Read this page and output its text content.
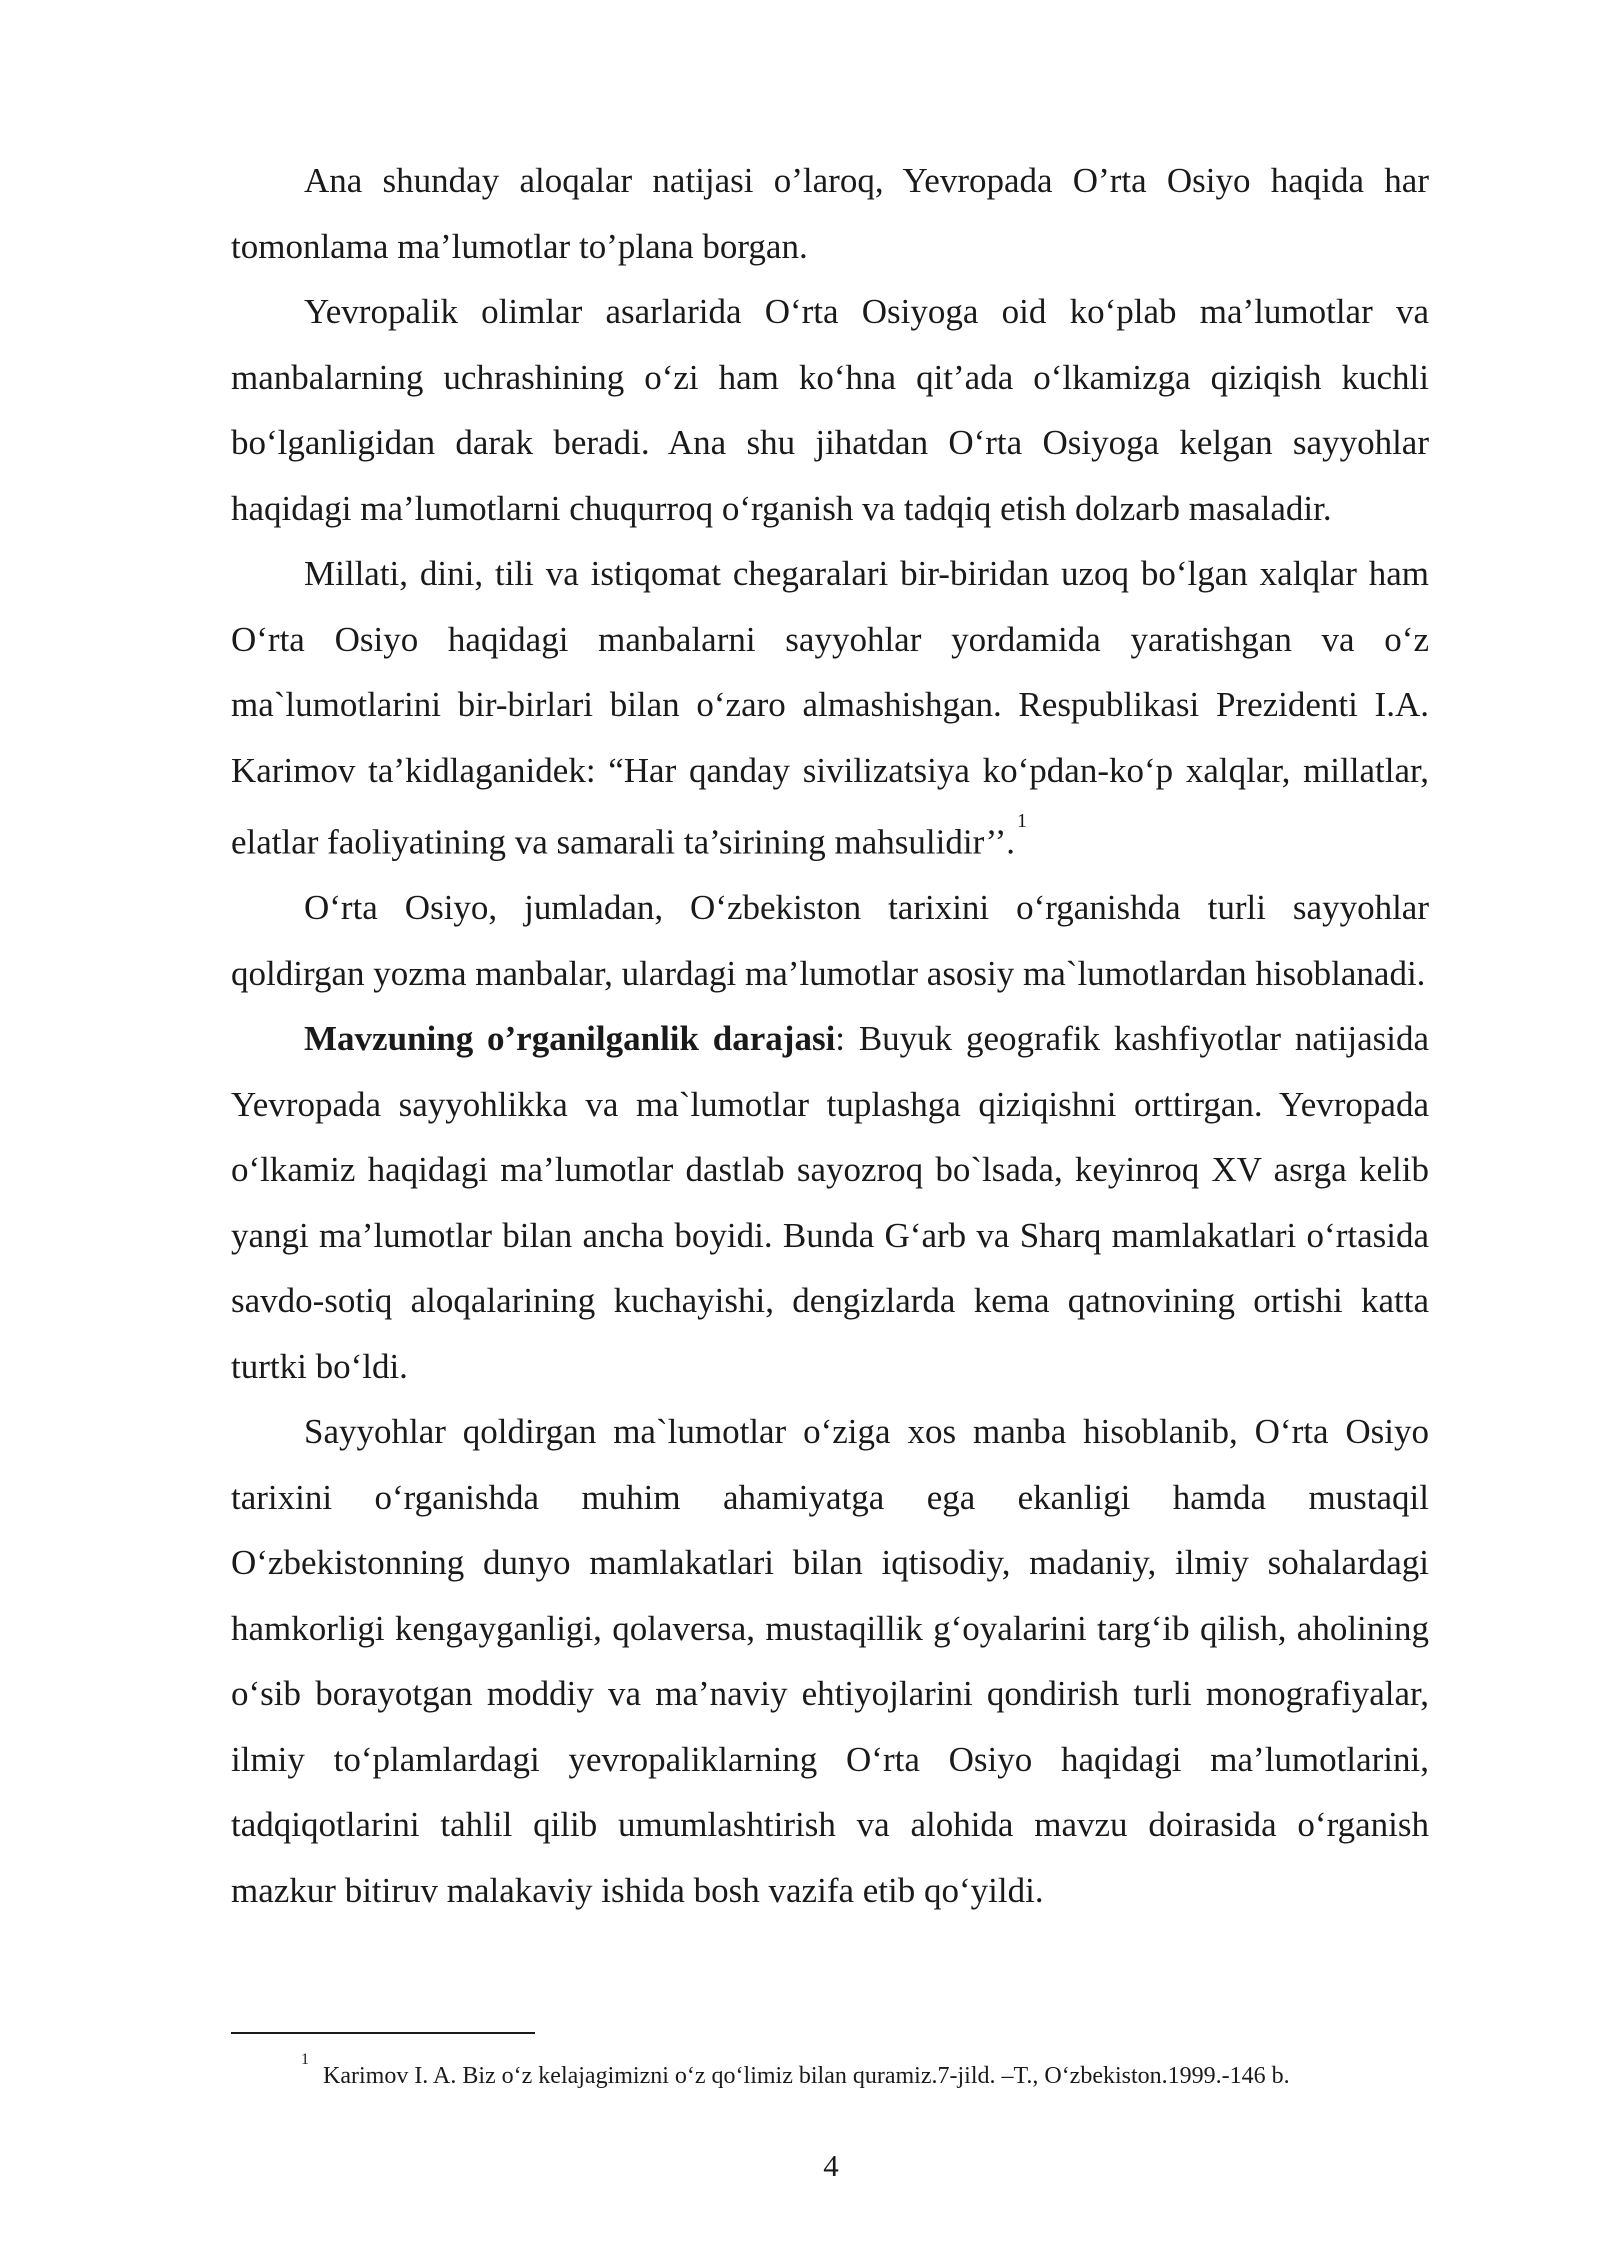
Ana shunday aloqalar natijasi o’laroq, Yevropada O’rta Osiyo haqida har tomonlama ma’lumotlar to’plana borgan.

Yevropalik olimlar asarlarida O‘rta Osiyoga oid ko‘plab ma’lumotlar va manbalarning uchrashining o‘zi ham ko‘hna qit’ada o‘lkamizga qiziqish kuchli bo‘lganligidan darak beradi. Ana shu jihatdan O‘rta Osiyoga kelgan sayyohlar haqidagi ma’lumotlarni chuqurroq o‘rganish va tadqiq etish dolzarb masaladir.

Millati, dini, tili va istiqomat chegaralari bir-biridan uzoq bo‘lgan xalqlar ham O‘rta Osiyo haqidagi manbalarni sayyohlar yordamida yaratishgan va o‘z ma`lumotlarini bir-birlari bilan o‘zaro almashishgan. Respublikasi Prezidenti I.A. Karimov ta’kidlaganidek: “Har qanday sivilizatsiya ko‘pdan-ko‘p xalqlar, millatlar, elatlar faoliyatining va samarali ta’sirining mahsulidir’’.$^1$

O‘rta Osiyo, jumladan, O‘zbekiston tarixini o‘rganishda turli sayyohlar qoldirgan yozma manbalar, ulardagi ma’lumotlar asosiy ma`lumotlardan hisoblanadi.

Mavzuning o’rganilganlik darajasi: Buyuk geografik kashfiyotlar natijasida Yevropada sayyohlikka va ma`lumotlar tuplashga qiziqishni orttirgan. Yevropada o‘lkamiz haqidagi ma’lumotlar dastlab sayozroq bo`lsada, keyinroq XV asrga kelib yangi ma’lumotlar bilan ancha boyidi. Bunda G‘arb va Sharq mamlakatlari o‘rtasida savdo-sotiq aloqalarining kuchayishi, dengizlarda kema qatnovining ortishi katta turtki bo‘ldi.

Sayyohlar qoldirgan ma`lumotlar o‘ziga xos manba hisoblanib, O‘rta Osiyo tarixini o‘rganishda muhim ahamiyatga ega ekanligi hamda mustaqil O‘zbekistonning dunyo mamlakatlari bilan iqtisodiy, madaniy, ilmiy sohalardagi hamkorligi kengayganligi, qolaversa, mustaqillik g‘oyalarini targ‘ib qilish, aholining o‘sib borayotgan moddiy va ma’naviy ehtiyojlarini qondirish turli monografiyalar, ilmiy to‘plamlardagi yevropaliklarning O‘rta Osiyo haqidagi ma’lumotlarini, tadqiqotlarini tahlil qilib umumlashtirish va alohida mavzu doirasida o‘rganish mazkur bitiruv malakaviy ishida bosh vazifa etib qo‘yildi.

$^1$Karimov I. A. Biz o‘z kelajagimizni o‘z qo‘limiz bilan quramiz.7-jild. –T., O‘zbekiston.1999.-146 b.

4
